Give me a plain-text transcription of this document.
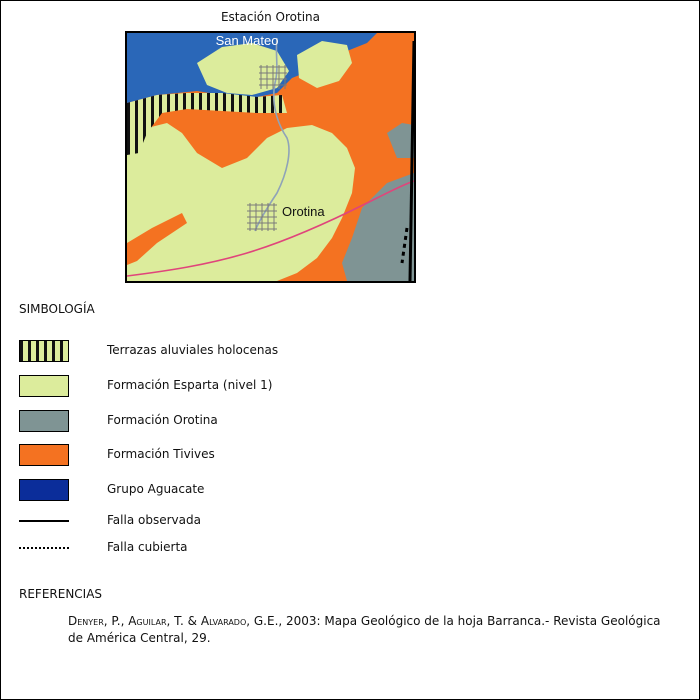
Estación Orotina
San Mateo
Orotina
SIMBOLOGÍA
Terrazas aluviales holocenas
Formación Esparta (nivel 1)
Formación Orotina
Formación Tivives
Grupo Aguacate
Falla observada
Falla cubierta
REFERENCIAS
Denyer, P., Aguilar, T. & Alvarado, G.E., 2003: Mapa Geológico de la hoja Barranca.- Revista Geológica de América Central, 29.
